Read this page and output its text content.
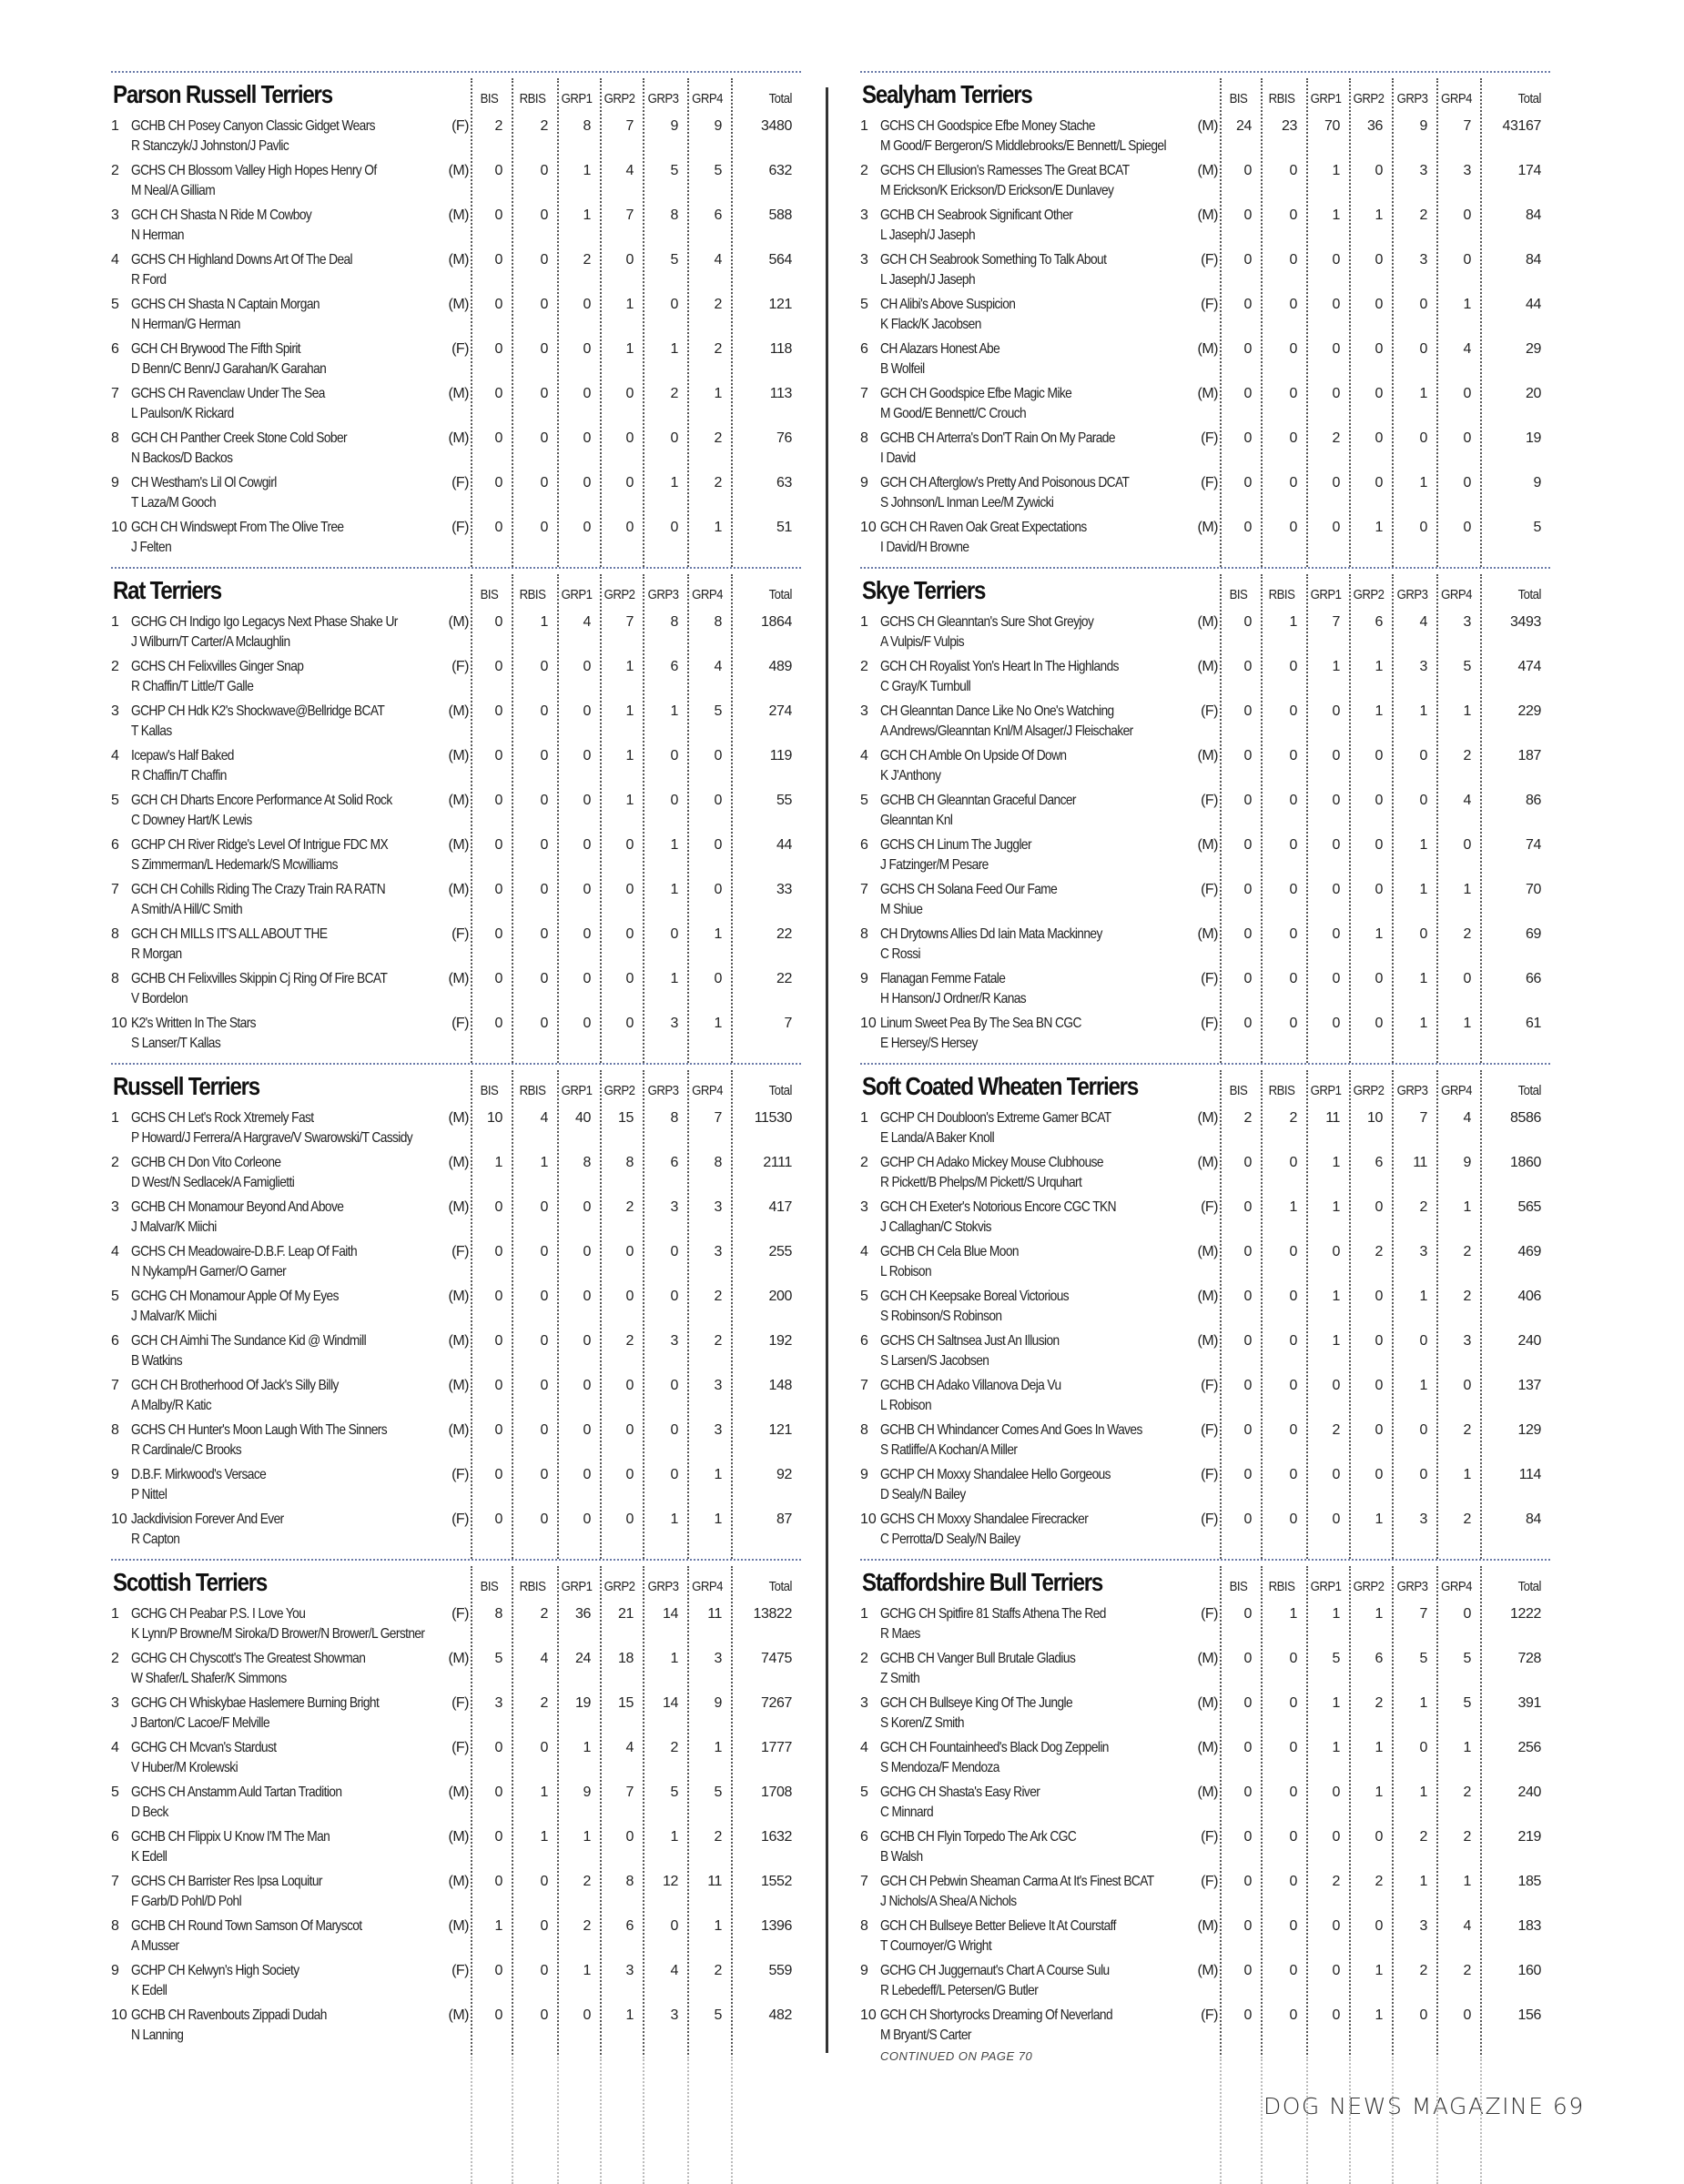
Parson Russell Terriers	BIS	RBIS GRP1 GRP2 GRP3 GRP4	Total
1 GCHB CH Posey Canyon Classic Gidget Wears
R Stanczyk/J Johnston/J Pavlic
(F)	2	2	8	7	9	9	3480
2 GCHS CH Blossom Valley High Hopes Henry Of
M Neal/A Gilliam
(M)	0	0	1	4	5	5	632
3 GCH CH Shasta N Ride M Cowboy
N Herman
(M)	0	0	1	7	8	6	588
4 GCHS CH Highland Downs Art Of The Deal
R Ford
(M)	0	0	2	0	5	4	564
5 GCHS CH Shasta N Captain Morgan
N Herman/G Herman
(M)	0	0	0	1	0	2	121
6 GCH CH Brywood The Fifth Spirit
D Benn/C Benn/J Garahan/K Garahan
(F)	0	0	0	1	1	2	118
7 GCHS CH Ravenclaw Under The Sea
L Paulson/K Rickard
(M)	0	0	0	0	2	1	113
8 GCH CH Panther Creek Stone Cold Sober
N Backos/D Backos
(M)	0	0	0	0	0	2	76
9 CH Westham's Lil Ol Cowgirl
T Laza/M Gooch
(F)	0	0	0	0	1	2	63
10 GCH CH Windswept From The Olive Tree
J Felten
(F)	0	0	0	0	0	1	51
Rat Terriers	BIS	RBIS GRP1 GRP2 GRP3 GRP4	Total
1 GCHG CH Indigo Igo Legacys Next Phase Shake Ur
J Wilburn/T Carter/A Mclaughlin
(M)	0	1	4	7	8	8	1864
2 GCHS CH Felixvilles Ginger Snap
R Chaffin/T Little/T Galle
(F)	0	0	0	1	6	4	489
3 GCHP CH Hdk K2's Shockwave@Bellridge BCAT
T Kallas
(M)	0	0	0	1	1	5	274
4 Icepaw's Half Baked
R Chaffin/T Chaffin
(M)	0	0	0	1	0	0	119
5 GCH CH Dharts Encore Performance At Solid Rock
C Downey Hart/K Lewis
(M)	0	0	0	1	0	0	55
6 GCHP CH River Ridge's Level Of Intrigue FDC MX
S Zimmerman/L Hedemark/S Mcwilliams
(M)	0	0	0	0	1	0	44
7 GCH CH Cohills Riding The Crazy Train RA RATN
A Smith/A Hill/C Smith
(M)	0	0	0	0	1	0	33
8 GCH CH MILLS IT'S ALL ABOUT THE
R Morgan
(F)	0	0	0	0	0	1	22
8 GCHB CH Felixvilles Skippin Cj Ring Of Fire BCAT
V Bordelon
(M)	0	0	0	0	1	0	22
10 K2's Written In The Stars
S Lanser/T Kallas
(F)	0	0	0	0	3	1	7
Russell Terriers	BIS	RBIS GRP1 GRP2 GRP3 GRP4	Total
1 GCHS CH Let's Rock Xtremely Fast
P Howard/J Ferrera/A Hargrave/V Swarowski/T Cassidy
(M)	10	4	40	15	8	7	11530
2 GCHB CH Don Vito Corleone
D West/N Sedlacek/A Famiglietti
(M)	1	1	8	8	6	8	2111
3 GCHB CH Monamour Beyond And Above
J Malvar/K Miichi
(M)	0	0	0	2	3	3	417
4 GCHS CH Meadowaire-D.B.F. Leap Of Faith
N Nykamp/H Garner/O Garner
(F)	0	0	0	0	0	3	255
5 GCHG CH Monamour Apple Of My Eyes
J Malvar/K Miichi
(M)	0	0	0	0	0	2	200
6 GCH CH Aimhi The Sundance Kid @ Windmill
B Watkins
(M)	0	0	0	2	3	2	192
7 GCH CH Brotherhood Of Jack's Silly Billy
A Malby/R Katic
(M)	0	0	0	0	0	3	148
8 GCHS CH Hunter's Moon Laugh With The Sinners
R Cardinale/C Brooks
(M)	0	0	0	0	0	3	121
9 D.B.F. Mirkwood's Versace
P Nittel
(F)	0	0	0	0	0	1	92
10 Jackdivision Forever And Ever
R Capton
(F)	0	0	0	0	1	1	87
Scottish Terriers	BIS	RBIS GRP1 GRP2 GRP3 GRP4	Total
1 GCHG CH Peabar P.S. I Love You
K Lynn/P Browne/M Siroka/D Brower/N Brower/L Gerstner
(F)	8	2	36	21	14	11	13822
2 GCHG CH Chyscott's The Greatest Showman
W Shafer/L Shafer/K Simmons
(M)	5	4	24	18	1	3	7475
3 GCHG CH Whiskybae Haslemere Burning Bright
J Barton/C Lacoe/F Melville
(F)	3	2	19	15	14	9	7267
4 GCHG CH Mcvan's Stardust
V Huber/M Krolewski
(F)	0	0	1	4	2	1	1777
5 GCHS CH Anstamm Auld Tartan Tradition
D Beck
(M)	0	1	9	7	5	5	1708
6 GCHB CH Flippix U Know I'M The Man
K Edell
(M)	0	1	1	0	1	2	1632
7 GCHS CH Barrister Res Ipsa Loquitur
F Garb/D Pohl/D Pohl
(M)	0	0	2	8	12	11	1552
8 GCHB CH Round Town Samson Of Maryscot
A Musser
(M)	1	0	2	6	0	1	1396
9 GCHP CH Kelwyn's High Society
K Edell
(F)	0	0	1	3	4	2	559
10 GCHB CH Ravenbouts Zippadi Dudah
N Lanning
(M)	0	0	0	1	3	5	482
Sealyham Terriers	BIS	RBIS GRP1 GRP2 GRP3 GRP4	Total
1 GCHS CH Goodspice Efbe Money Stache
M Good/F Bergeron/S Middlebrooks/E Bennett/L Spiegel
(M)	24	23	70	36	9	7	43167
2 GCHS CH Ellusion's Ramesses The Great BCAT
M Erickson/K Erickson/D Erickson/E Dunlavey
(M)	0	0	1	0	3	3	174
3 GCHB CH Seabrook Significant Other
L Jaseph/J Jaseph
(M)	0	0	1	1	2	0	84
3 GCH CH Seabrook Something To Talk About
L Jaseph/J Jaseph
(F)	0	0	0	0	3	0	84
5 CH Alibi's Above Suspicion
K Flack/K Jacobsen
(F)	0	0	0	0	0	1	44
6 CH Alazars Honest Abe
B Wolfeil
(M)	0	0	0	0	0	4	29
7 GCH CH Goodspice Efbe Magic Mike
M Good/E Bennett/C Crouch
(M)	0	0	0	0	1	0	20
8 GCHB CH Arterra's Don'T Rain On My Parade
I David
(F)	0	0	2	0	0	0	19
9 GCH CH Afterglow's Pretty And Poisonous DCAT
S Johnson/L Inman Lee/M Zywicki
(F)	0	0	0	0	1	0	9
10 GCH CH Raven Oak Great Expectations
I David/H Browne
(M)	0	0	0	1	0	0	5
Skye Terriers	BIS	RBIS GRP1 GRP2 GRP3 GRP4	Total
1 GCHS CH Gleanntan's Sure Shot Greyjoy
A Vulpis/F Vulpis
(M)	0	1	7	6	4	3	3493
2 GCH CH Royalist Yon's Heart In The Highlands
C Gray/K Turnbull
(M)	0	0	1	1	3	5	474
3 CH Gleanntan Dance Like No One's Watching
A Andrews/Gleanntan Knl/M Alsager/J Fleischaker
(F)	0	0	0	1	1	1	229
4 GCH CH Amble On Upside Of Down
K J'Anthony
(M)	0	0	0	0	0	2	187
5 GCHB CH Gleanntan Graceful Dancer
Gleanntan Knl
(F)	0	0	0	0	0	4	86
6 GCHS CH Linum The Juggler
J Fatzinger/M Pesare
(M)	0	0	0	0	1	0	74
7 GCHS CH Solana Feed Our Fame
M Shiue
(F)	0	0	0	0	1	1	70
8 CH Drytowns Allies Dd Iain Mata Mackinney
C Rossi
(M)	0	0	0	1	0	2	69
9 Flanagan Femme Fatale
H Hanson/J Ordner/R Kanas
(F)	0	0	0	0	1	0	66
10 Linum Sweet Pea By The Sea BN CGC
E Hersey/S Hersey
(F)	0	0	0	0	1	1	61
Soft Coated Wheaten Terriers	BIS	RBIS GRP1 GRP2 GRP3 GRP4	Total
1 GCHP CH Doubloon's Extreme Gamer BCAT
E Landa/A Baker Knoll
(M)	2	2	11	10	7	4	8586
2 GCHP CH Adako Mickey Mouse Clubhouse
R Pickett/B Phelps/M Pickett/S Urquhart
(M)	0	0	1	6	11	9	1860
3 GCH CH Exeter's Notorious Encore CGC TKN
J Callaghan/C Stokvis
(F)	0	1	1	0	2	1	565
4 GCHB CH Cela Blue Moon
L Robison
(M)	0	0	0	2	3	2	469
5 GCH CH Keepsake Boreal Victorious
S Robinson/S Robinson
(M)	0	0	1	0	1	2	406
6 GCHS CH Saltnsea Just An Illusion
S Larsen/S Jacobsen
(M)	0	0	1	0	0	3	240
7 GCHB CH Adako Villanova Deja Vu
L Robison
(F)	0	0	0	0	1	0	137
8 GCHB CH Whindancer Comes And Goes In Waves
S Ratliffe/A Kochan/A Miller
(F)	0	0	2	0	0	2	129
9 GCHP CH Moxxy Shandalee Hello Gorgeous
D Sealy/N Bailey
(F)	0	0	0	0	0	1	114
10 GCHS CH Moxxy Shandalee Firecracker
C Perrotta/D Sealy/N Bailey
(F)	0	0	0	1	3	2	84
Staffordshire Bull Terriers	BIS	RBIS GRP1 GRP2 GRP3 GRP4	Total
1 GCHG CH Spitfire 81 Staffs Athena The Red
R Maes
(F)	0	1	1	1	7	0	1222
2 GCHB CH Vanger Bull Brutale Gladius
Z Smith
(M)	0	0	5	6	5	5	728
3 GCH CH Bullseye King Of The Jungle
S Koren/Z Smith
(M)	0	0	1	2	1	5	391
4 GCH CH Fountainheed's Black Dog Zeppelin
S Mendoza/F Mendoza
(M)	0	0	1	1	0	1	256
5 GCHG CH Shasta's Easy River
C Minnard
(M)	0	0	0	1	1	2	240
6 GCHB CH Flyin Torpedo The Ark CGC
B Walsh
(F)	0	0	0	0	2	2	219
7 GCH CH Pebwin Sheaman Carma At It's Finest BCAT
J Nichols/A Shea/A Nichols
(F)	0	0	2	2	1	1	185
8 GCH CH Bullseye Better Believe It At Courstaff
T Cournoyer/G Wright
(M)	0	0	0	0	3	4	183
9 GCHG CH Juggernaut's Chart A Course Sulu
R Lebedeff/L Petersen/G Butler
(M)	0	0	0	1	2	2	160
10 GCH CH Shortyrocks Dreaming Of Neverland
M Bryant/S Carter
(F)	0	0	0	1	0	0	156
CONTINUED ON PAGE 70
DOG NEWS MAGAZINE 69
